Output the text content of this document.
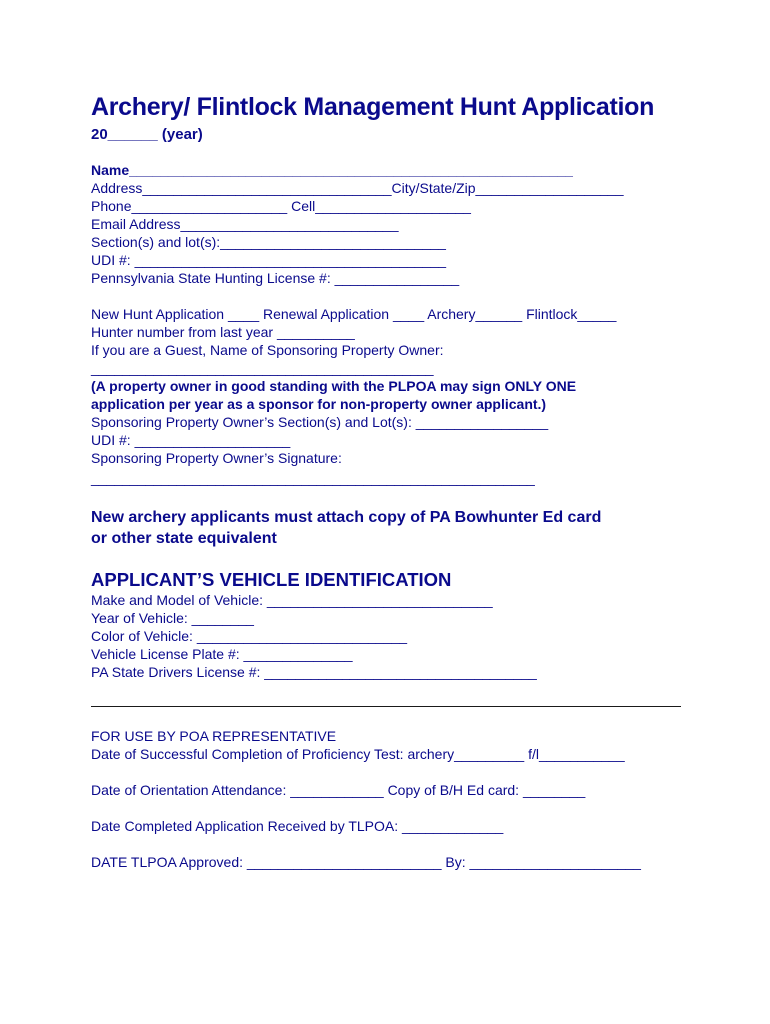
Archery/ Flintlock Management Hunt Application
20______ (year)
Name_________________________________________________________
Address________________________________City/State/Zip___________________
Phone____________________ Cell____________________
Email Address____________________________
Section(s) and lot(s):_____________________________
UDI #: ________________________________________
Pennsylvania State Hunting License #: ________________
New Hunt Application ____ Renewal Application ____ Archery______ Flintlock_____
Hunter number from last year __________
If you are a Guest, Name of Sponsoring Property Owner:
____________________________________________
(A property owner in good standing with the PLPOA may sign ONLY ONE
application per year as a sponsor for non-property owner applicant.)
Sponsoring Property Owner’s Section(s) and Lot(s): _________________
UDI #: ____________________
Sponsoring Property Owner’s Signature:
_________________________________________________________
New archery applicants must attach copy of PA Bowhunter Ed card
or other state equivalent
APPLICANT’S VEHICLE IDENTIFICATION
Make and Model of Vehicle: _____________________________
Year of Vehicle: ________
Color of Vehicle: ___________________________
Vehicle License Plate #: ______________
PA State Drivers License #: ___________________________________
FOR USE BY POA REPRESENTATIVE
Date of Successful Completion of Proficiency Test: archery_________ f/l___________
Date of Orientation Attendance: ____________ Copy of B/H Ed card: ________
Date Completed Application Received by TLPOA: _____________
DATE TLPOA Approved: _________________________ By: ______________________
